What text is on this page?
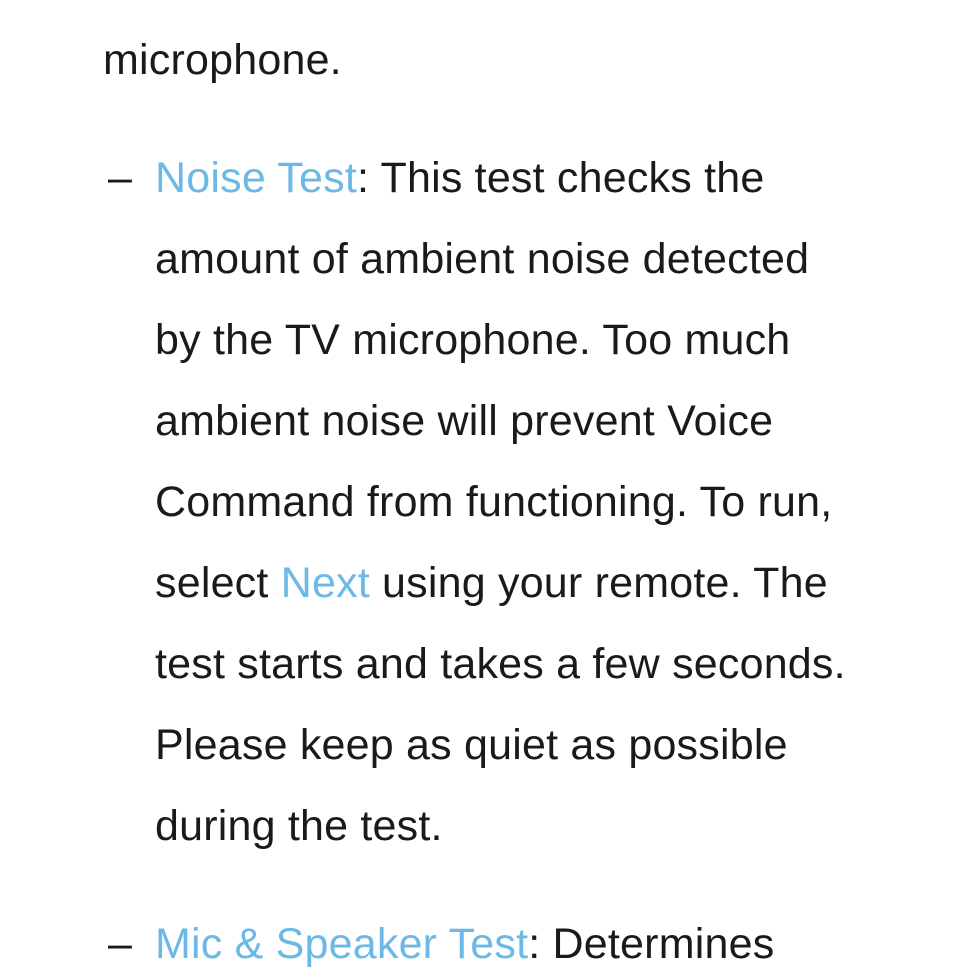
microphone.
– Noise Test: This test checks the
amount of ambient noise detected
by the TV microphone. Too much
ambient noise will prevent Voice
Command from functioning. To run,
select Next using your remote. The
test starts and takes a few seconds.
Please keep as quiet as possible
during the test.
– Mic & Speaker Test: Determines
